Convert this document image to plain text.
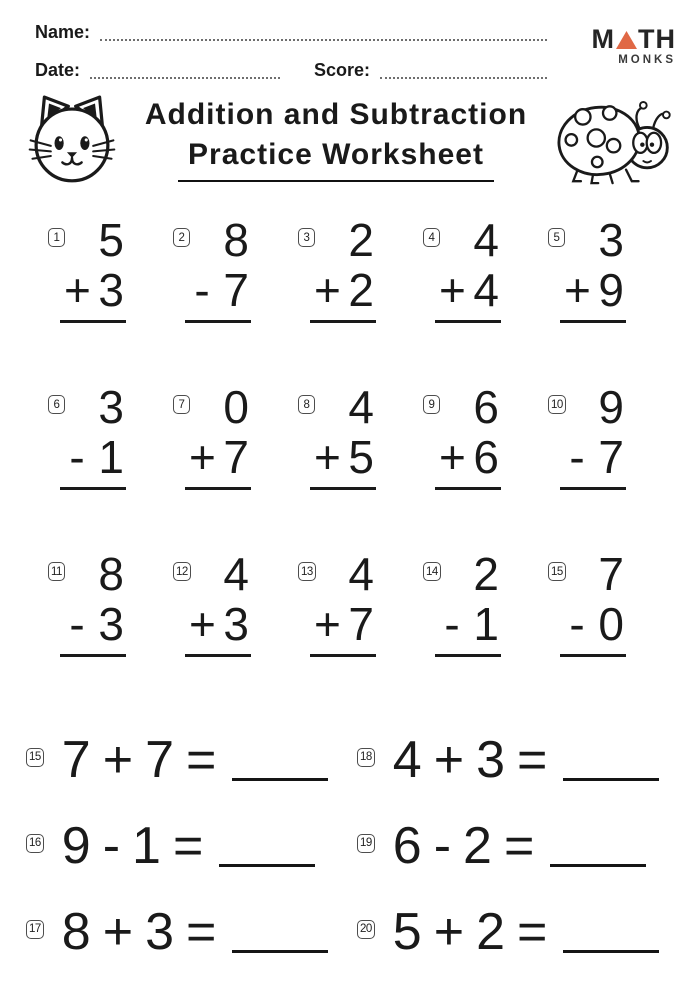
Name:
Date:	Score:
M TH
MONKS
Addition and Subtraction
Practice Worksheet
1 5
+ 3
2 8
- 7
3 2
+ 2
4 4
+ 4
5 3
+ 9
6 3
- 1
7 0
+ 7
8 4
+ 5
9 6
+ 6
10 9
- 7
11 8
- 3
12 4
+ 3
13 4
+ 7
14 2
- 1
15 7
- 0
15 7 + 7 =	18 4 + 3 =
16 9 - 1 =	19 6 - 2 =
17 8 + 3 =	20 5 + 2 =
